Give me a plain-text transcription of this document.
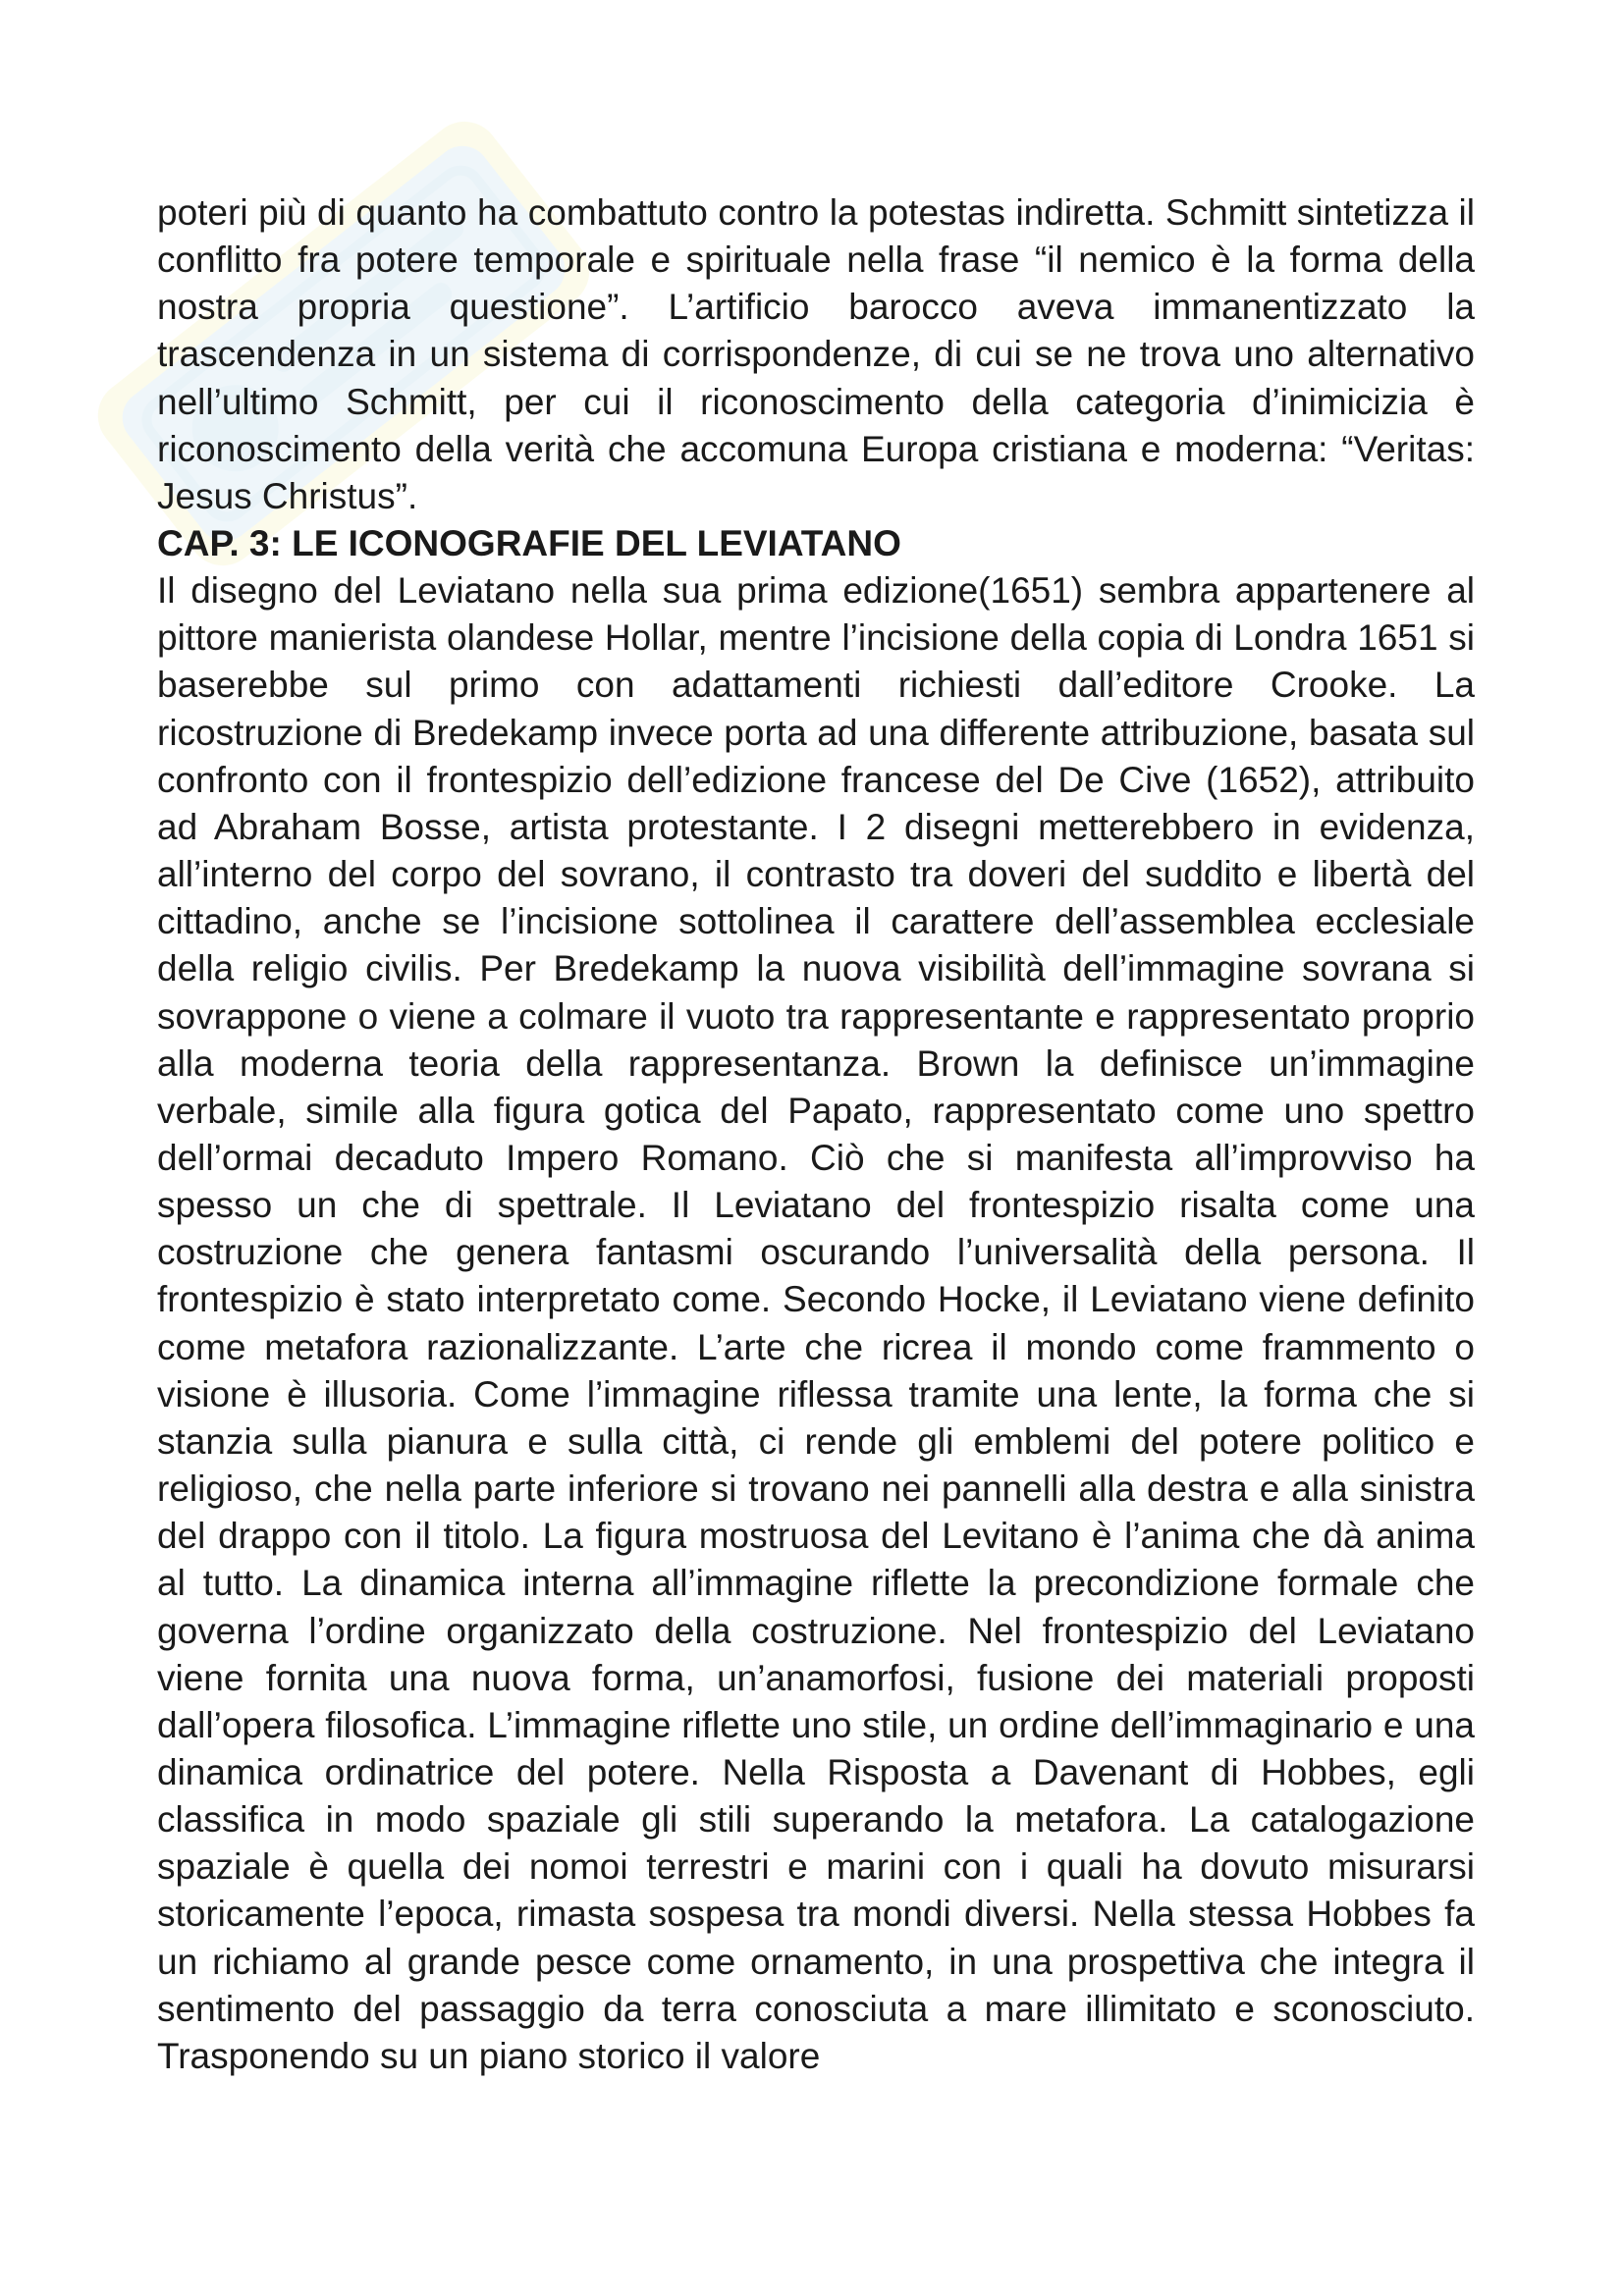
poteri più di quanto ha combattuto contro la potestas indiretta. Schmitt sintetizza il conflitto fra potere temporale e spirituale nella frase “il nemico è la forma della nostra propria questione”. L’artificio barocco aveva immanentizzato la trascendenza in un sistema di corrispondenze, di cui se ne trova uno alternativo nell’ultimo Schmitt, per cui il riconoscimento della categoria d’inimicizia è riconoscimento della verità che accomuna Europa cristiana e moderna: “Veritas: Jesus Christus”.

CAP. 3: LE ICONOGRAFIE DEL LEVIATANO

Il disegno del Leviatano nella sua prima edizione(1651) sembra appartenere al pittore manierista olandese Hollar, mentre l’incisione della copia di Londra 1651 si baserebbe sul primo con adattamenti richiesti dall’editore Crooke. La ricostruzione di Bredekamp invece porta ad una differente attribuzione, basata sul confronto con il frontespizio dell’edizione francese del De Cive (1652), attribuito ad Abraham Bosse, artista protestante. I 2 disegni metterebbero in evidenza, all’interno del corpo del sovrano, il contrasto tra doveri del suddito e libertà del cittadino, anche se l’incisione sottolinea il carattere dell’assemblea ecclesiale della religio civilis. Per Bredekamp la nuova visibilità dell’immagine sovrana si sovrappone o viene a colmare il vuoto tra rappresentante e rappresentato proprio alla moderna teoria della rappresentanza. Brown la definisce un’immagine verbale, simile alla figura gotica del Papato, rappresentato come uno spettro dell’ormai decaduto Impero Romano. Ciò che si manifesta all’improvviso ha spesso un che di spettrale. Il Leviatano del frontespizio risalta come una costruzione che genera fantasmi oscurando l’universalità della persona. Il frontespizio è stato interpretato come. Secondo Hocke, il Leviatano viene definito come metafora razionalizzante. L’arte che ricrea il mondo come frammento o visione è illusoria. Come l’immagine riflessa tramite una lente, la forma che si stanzia sulla pianura e sulla città, ci rende gli emblemi del potere politico e religioso, che nella parte inferiore si trovano nei pannelli alla destra e alla sinistra del drappo con il titolo. La figura mostruosa del Levitano è l’anima che dà anima al tutto. La dinamica interna all’immagine riflette la precondizione formale che governa l’ordine organizzato della costruzione. Nel frontespizio del Leviatano viene fornita una nuova forma, un’anamorfosi, fusione dei materiali proposti dall’opera filosofica. L’immagine riflette uno stile, un ordine dell’immaginario e una dinamica ordinatrice del potere. Nella Risposta a Davenant di Hobbes, egli classifica in modo spaziale gli stili superando la metafora. La catalogazione spaziale è quella dei nomoi terrestri e marini con i quali ha dovuto misurarsi storicamente l’epoca, rimasta sospesa tra mondi diversi. Nella stessa Hobbes fa un richiamo al grande pesce come ornamento, in una prospettiva che integra il sentimento del passaggio da terra conosciuta a mare illimitato e sconosciuto. Trasponendo su un piano storico il valore
